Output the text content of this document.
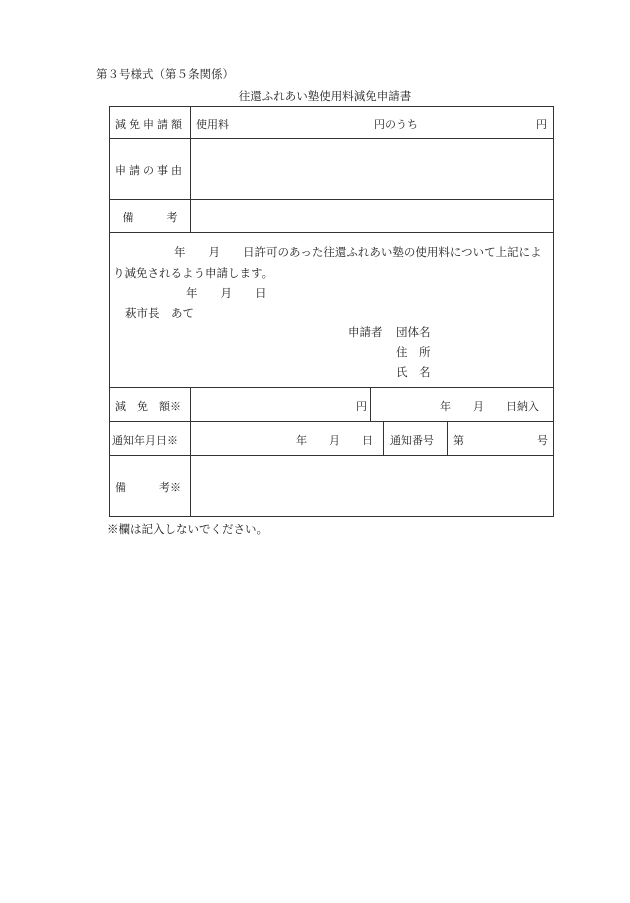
第３号様式（第５条関係）
往還ふれあい塾使用料減免申請書
減免申請額 使用料	円のうち	円
申請の事由
備　　　考
年　　月　　日許可のあった往還ふれあい塾の使用料について上記によ
り減免されるよう申請します。
年　　月　　日
萩市長　あて
申請者 団体名
住　所
氏　名
減　免　額※	円	年　　月　　日納入
通知年月日※	年　　月　　日 通知番号 第	号
備　　　考※
※欄は記入しないでください。
